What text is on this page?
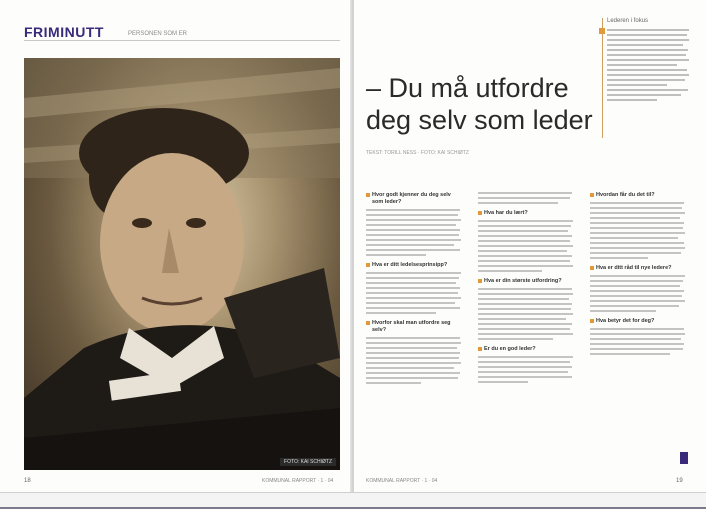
FRIMINUTT	PERSONEN SOM ER
FOTO: KAI SCHIØTZ
18	KOMMUNAL RAPPORT · 1 · 04
Lederen i fokus
– Du må utfordre
deg selv som leder
TEKST: TORILL NESS · FOTO: KAI SCHIØTZ
Hvor godt kjenner du deg selv som leder?
Hva er ditt ledelsesprinsipp?
Hvorfor skal man utfordre seg selv?
Hva har du lært?
Hva er din største utfordring?
Er du en god leder?
Hvordan får du det til?
Hva er ditt råd til nye ledere?
Hva betyr det for deg?
KOMMUNAL RAPPORT · 1 · 04	19
